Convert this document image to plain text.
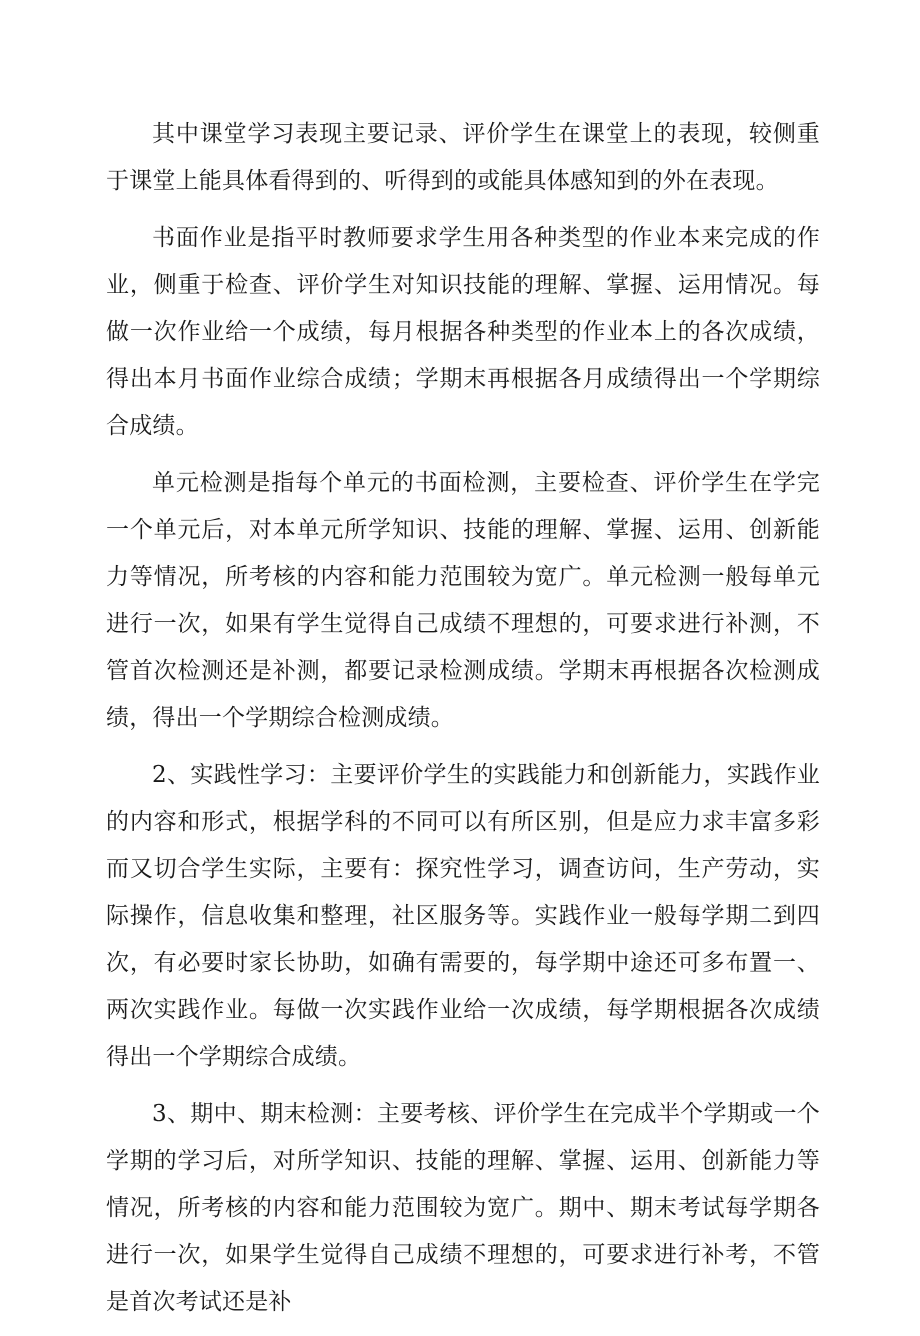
其中课堂学习表现主要记录、评价学生在课堂上的表现，较侧重于课堂上能具体看得到的、听得到的或能具体感知到的外在表现。

书面作业是指平时教师要求学生用各种类型的作业本来完成的作业，侧重于检查、评价学生对知识技能的理解、掌握、运用情况。每做一次作业给一个成绩，每月根据各种类型的作业本上的各次成绩，得出本月书面作业综合成绩；学期末再根据各月成绩得出一个学期综合成绩。

单元检测是指每个单元的书面检测，主要检查、评价学生在学完一个单元后，对本单元所学知识、技能的理解、掌握、运用、创新能力等情况，所考核的内容和能力范围较为宽广。单元检测一般每单元进行一次，如果有学生觉得自己成绩不理想的，可要求进行补测，不管首次检测还是补测，都要记录检测成绩。学期末再根据各次检测成绩，得出一个学期综合检测成绩。

2、实践性学习：主要评价学生的实践能力和创新能力，实践作业的内容和形式，根据学科的不同可以有所区别，但是应力求丰富多彩而又切合学生实际，主要有：探究性学习，调查访问，生产劳动，实际操作，信息收集和整理，社区服务等。实践作业一般每学期二到四次，有必要时家长协助，如确有需要的，每学期中途还可多布置一、两次实践作业。每做一次实践作业给一次成绩，每学期根据各次成绩得出一个学期综合成绩。

3、期中、期末检测：主要考核、评价学生在完成半个学期或一个学期的学习后，对所学知识、技能的理解、掌握、运用、创新能力等情况，所考核的内容和能力范围较为宽广。期中、期末考试每学期各进行一次，如果学生觉得自己成绩不理想的，可要求进行补考，不管是首次考试还是补
